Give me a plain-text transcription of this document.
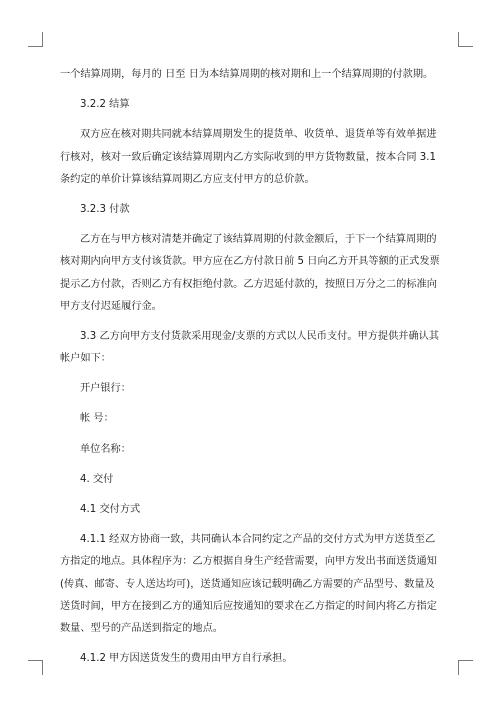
一个结算周期，每月的 日至 日为本结算周期的核对期和上一个结算周期的付款期。
3.2.2 结算
双方应在核对期共同就本结算周期发生的提货单、收货单、退货单等有效单据进
行核对，核对一致后确定该结算周期内乙方实际收到的甲方货物数量，按本合同 3.1
条约定的单价计算该结算周期乙方应支付甲方的总价款。
3.2.3 付款
乙方在与甲方核对清楚并确定了该结算周期的付款金额后，于下一个结算周期的
核对期内向甲方支付该货款。甲方应在乙方付款日前 5 日向乙方开具等额的正式发票
提示乙方付款，否则乙方有权拒绝付款。乙方迟延付款的，按照日万分之二的标准向
甲方支付迟延履行金。
3.3 乙方向甲方支付货款采用现金/支票的方式以人民币支付。甲方提供并确认其
帐户如下：
开户银行：
帐 号：
单位名称：
4. 交付
4.1 交付方式
4.1.1 经双方协商一致，共同确认本合同约定之产品的交付方式为甲方送货至乙
方指定的地点。具体程序为：乙方根据自身生产经营需要，向甲方发出书面送货通知
(传真、邮寄、专人送达均可)，送货通知应该记载明确乙方需要的产品型号、数量及
送货时间，甲方在接到乙方的通知后应按通知的要求在乙方指定的时间内将乙方指定
数量、型号的产品送到指定的地点。
4.1.2 甲方因送货发生的费用由甲方自行承担。
